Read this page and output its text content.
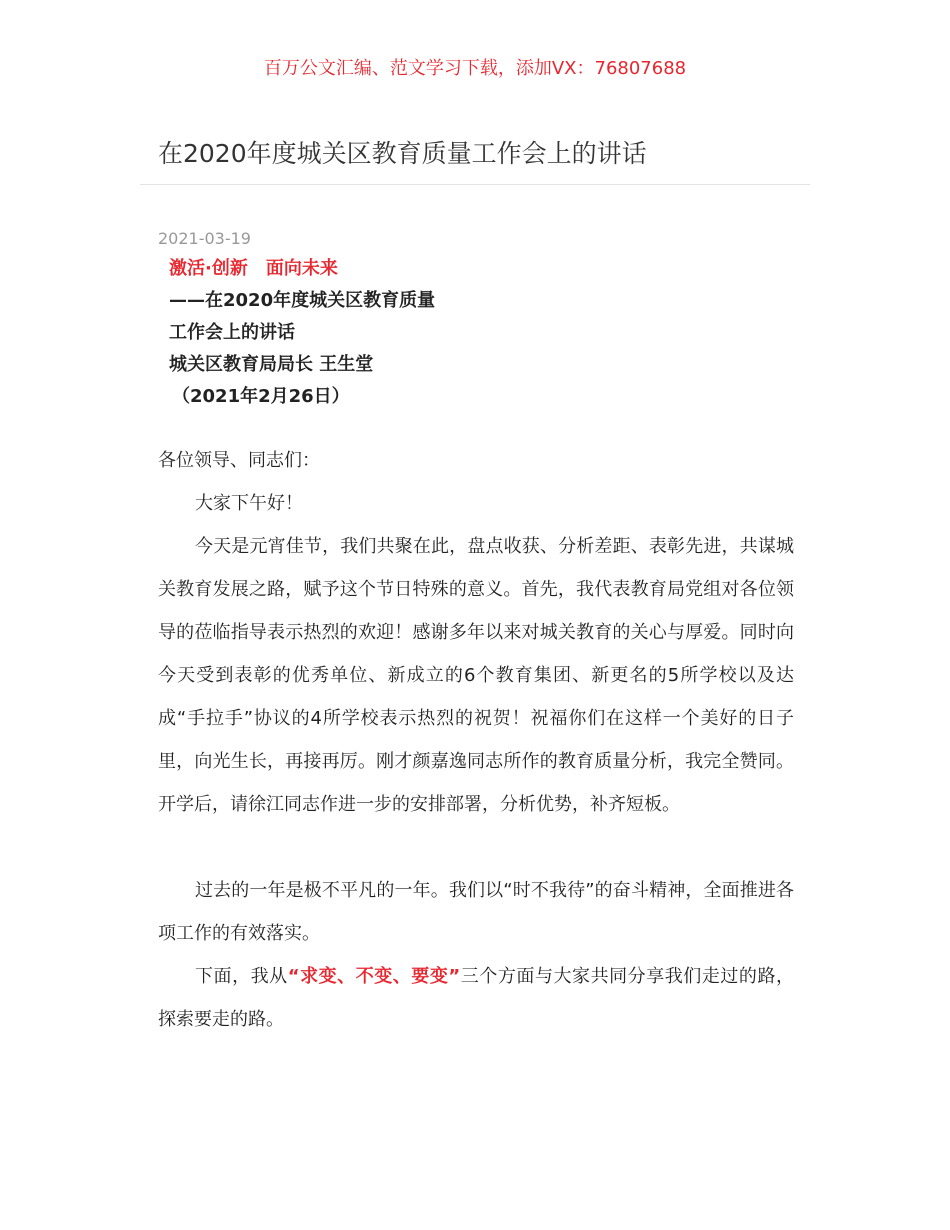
百万公文汇编、范文学习下载，添加VX：76807688
在2020年度城关区教育质量工作会上的讲话
2021-03-19
激活·创新　面向未来
——在2020年度城关区教育质量
工作会上的讲话
城关区教育局局长 王生堂
（2021年2月26日）
各位领导、同志们：
大家下午好！
今天是元宵佳节，我们共聚在此，盘点收获、分析差距、表彰先进，共谋城关教育发展之路，赋予这个节日特殊的意义。首先，我代表教育局党组对各位领导的莅临指导表示热烈的欢迎！感谢多年以来对城关教育的关心与厚爱。同时向今天受到表彰的优秀单位、新成立的6个教育集团、新更名的5所学校以及达成“手拉手”协议的4所学校表示热烈的祝贺！祝福你们在这样一个美好的日子里，向光生长，再接再厉。刚才颜嘉逸同志所作的教育质量分析，我完全赞同。开学后，请徐江同志作进一步的安排部署，分析优势，补齐短板。
过去的一年是极不平凡的一年。我们以“时不我待”的奋斗精神，全面推进各项工作的有效落实。
下面，我从“求变、不变、要变”三个方面与大家共同分享我们走过的路，探索要走的路。
